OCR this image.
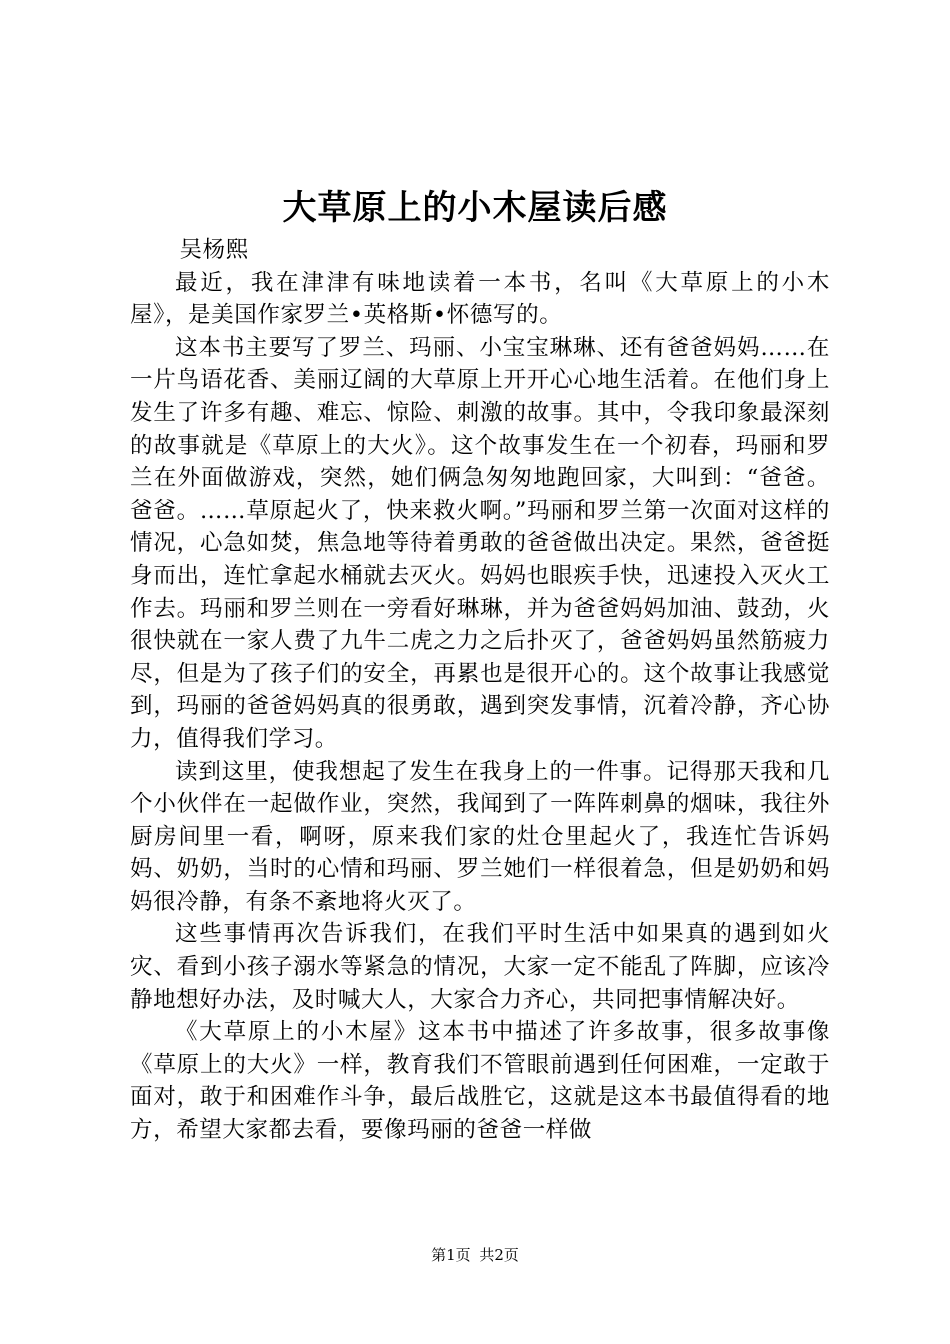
大草原上的小木屋读后感

吴杨熙

最近，我在津津有味地读着一本书，名叫《大草原上的小木屋》，是美国作家罗兰•英格斯•怀德写的。

这本书主要写了罗兰、玛丽、小宝宝琳琳、还有爸爸妈妈……在一片鸟语花香、美丽辽阔的大草原上开开心心地生活着。在他们身上发生了许多有趣、难忘、惊险、刺激的故事。其中，令我印象最深刻的故事就是《草原上的大火》。这个故事发生在一个初春，玛丽和罗兰在外面做游戏，突然，她们俩急匆匆地跑回家，大叫到：“爸爸。爸爸。……草原起火了，快来救火啊。”玛丽和罗兰第一次面对这样的情况，心急如焚，焦急地等待着勇敢的爸爸做出决定。果然，爸爸挺身而出，连忙拿起水桶就去灭火。妈妈也眼疾手快，迅速投入灭火工作去。玛丽和罗兰则在一旁看好琳琳，并为爸爸妈妈加油、鼓劲，火很快就在一家人费了九牛二虎之力之后扑灭了，爸爸妈妈虽然筋疲力尽，但是为了孩子们的安全，再累也是很开心的。这个故事让我感觉到，玛丽的爸爸妈妈真的很勇敢，遇到突发事情，沉着冷静，齐心协力，值得我们学习。

读到这里，使我想起了发生在我身上的一件事。记得那天我和几个小伙伴在一起做作业，突然，我闻到了一阵阵刺鼻的烟味，我往外厨房间里一看，啊呀，原来我们家的灶仓里起火了，我连忙告诉妈妈、奶奶，当时的心情和玛丽、罗兰她们一样很着急，但是奶奶和妈妈很冷静，有条不紊地将火灭了。

这些事情再次告诉我们，在我们平时生活中如果真的遇到如火灾、看到小孩子溺水等紧急的情况，大家一定不能乱了阵脚，应该冷静地想好办法，及时喊大人，大家合力齐心，共同把事情解决好。

《大草原上的小木屋》这本书中描述了许多故事，很多故事像《草原上的大火》一样，教育我们不管眼前遇到任何困难，一定敢于面对，敢于和困难作斗争，最后战胜它，这就是这本书最值得看的地方，希望大家都去看，要像玛丽的爸爸一样做

第1页 共2页
